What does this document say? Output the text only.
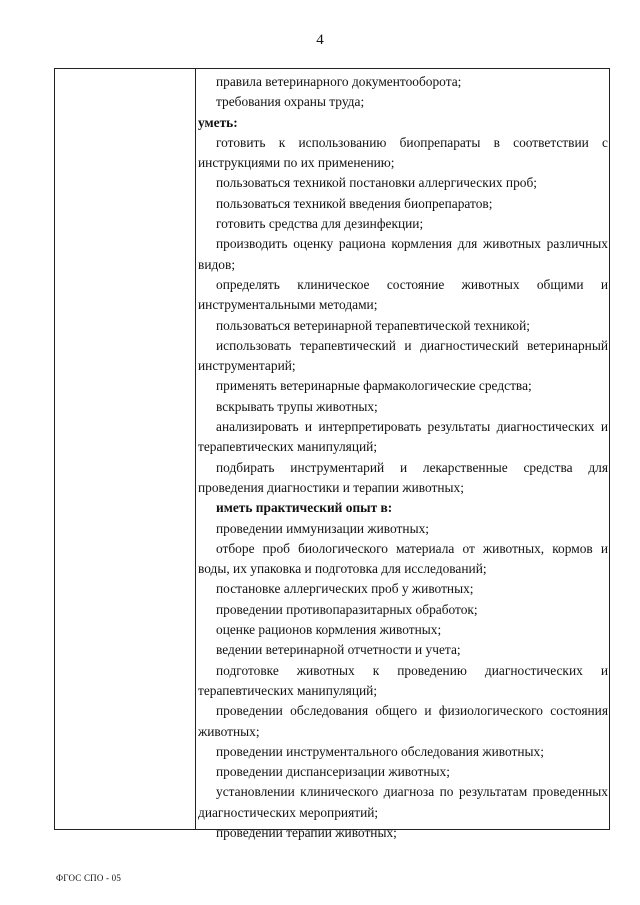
4

правила ветеринарного документооборота;

требования охраны труда;

уметь:

готовить к использованию биопрепараты в соответствии с инструкциями по их применению;

пользоваться техникой постановки аллергических проб;

пользоваться техникой введения биопрепаратов;

готовить средства для дезинфекции;

производить оценку рациона кормления для животных различных видов;

определять клиническое состояние животных общими и инструментальными методами;

пользоваться ветеринарной терапевтической техникой;

использовать терапевтический и диагностический ветеринарный инструментарий;

применять ветеринарные фармакологические средства;

вскрывать трупы животных;

анализировать и интерпретировать результаты диагностических и терапевтических манипуляций;

подбирать инструментарий и лекарственные средства для проведения диагностики и терапии животных;

иметь практический опыт в:

проведении иммунизации животных;

отборе проб биологического материала от животных, кормов и воды, их упаковка и подготовка для исследований;

постановке аллергических проб у животных;

проведении противопаразитарных обработок;

оценке рационов кормления животных;

ведении ветеринарной отчетности и учета;

подготовке животных к проведению диагностических и терапевтических манипуляций;

проведении обследования общего и физиологического состояния животных;

проведении инструментального обследования животных;

проведении диспансеризации животных;

установлении клинического диагноза по результатам проведенных диагностических мероприятий;

проведении терапии животных;

ФГОС СПО - 05
